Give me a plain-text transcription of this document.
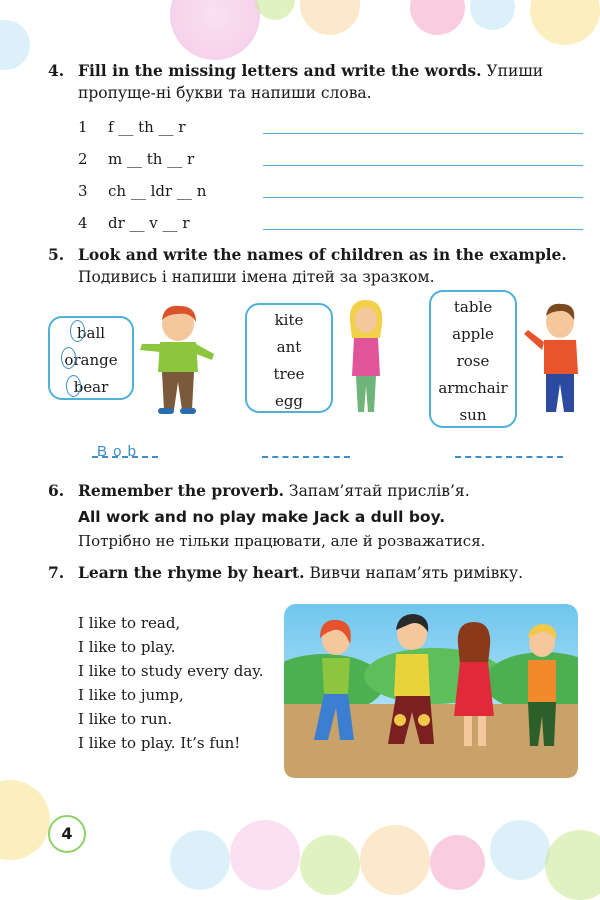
4. Fill in the missing letters and write the words. Упиши пропуще-ні букви та напиши слова.
1 f __ th __ r
2 m __ th __ r
3 ch __ ldr __ n
4 dr __ v __ r
5. Look and write the names of children as in the example. Подивись і напиши імена дітей за зразком.
ball
orange
bear
kite
ant
tree
egg
table
apple
rose
armchair
sun
B o b
6. Remember the proverb. Запам’ятай прислів’я.
All work and no play make Jack a dull boy.
Потрібно не тільки працювати, але й розважатися.
7. Learn the rhyme by heart. Вивчи напам’ять римівку.
I like to read,
I like to play.
I like to study every day.
I like to jump,
I like to run.
I like to play. It’s fun!
4
